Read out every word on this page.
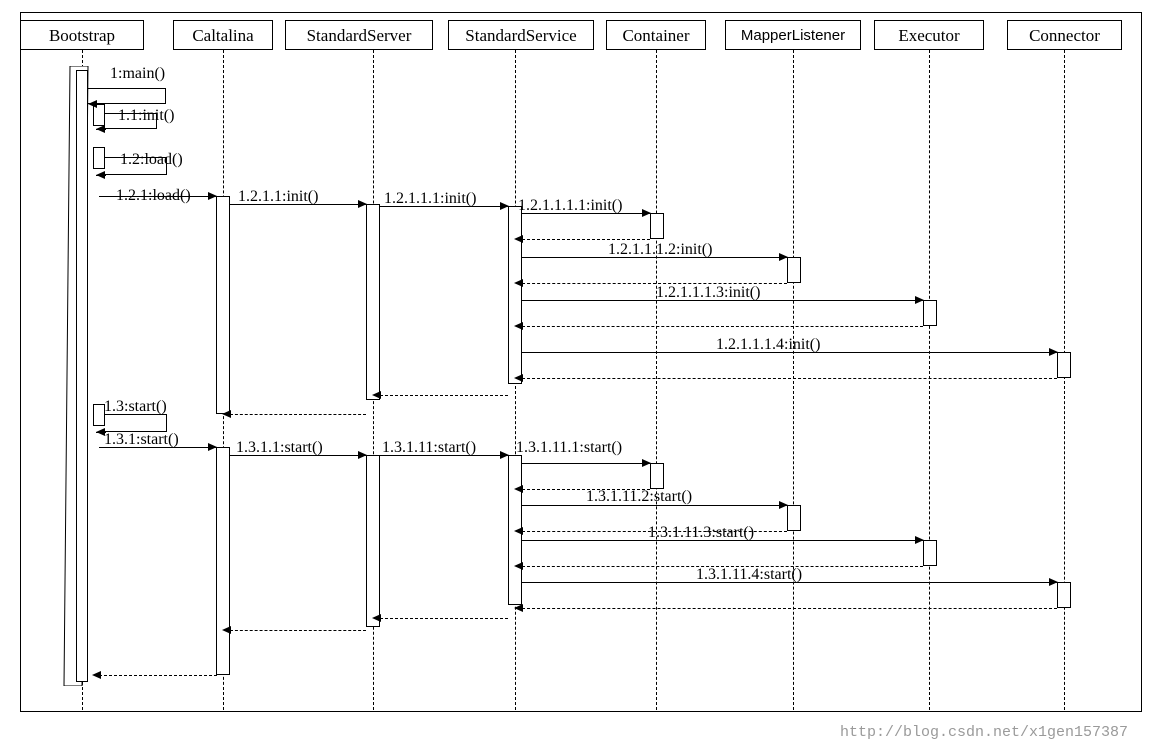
Bootstrap	Caltalina	StandardServer	StandardService	Container	MapperListener	Executor	Connector
1:main()
1.1:init()
1.2:load()
1.2.1:load()	1.2.1.1:init()	1.2.1.1.1:init()	1.2.1.1.1.1:init()
1.2.1.1.1.2:init()
1.2.1.1.1.3:init()
1.2.1.1.1.4:init()
1.3:start()
1.3.1:start()	1.3.1.1:start()	1.3.1.11:start() 1.3.1.11.1:start()
1.3.1.11.2:start()
1.3.1.11.3:start()
1.3.1.11.4:start()
http://blog.csdn.net/x1gen157387
